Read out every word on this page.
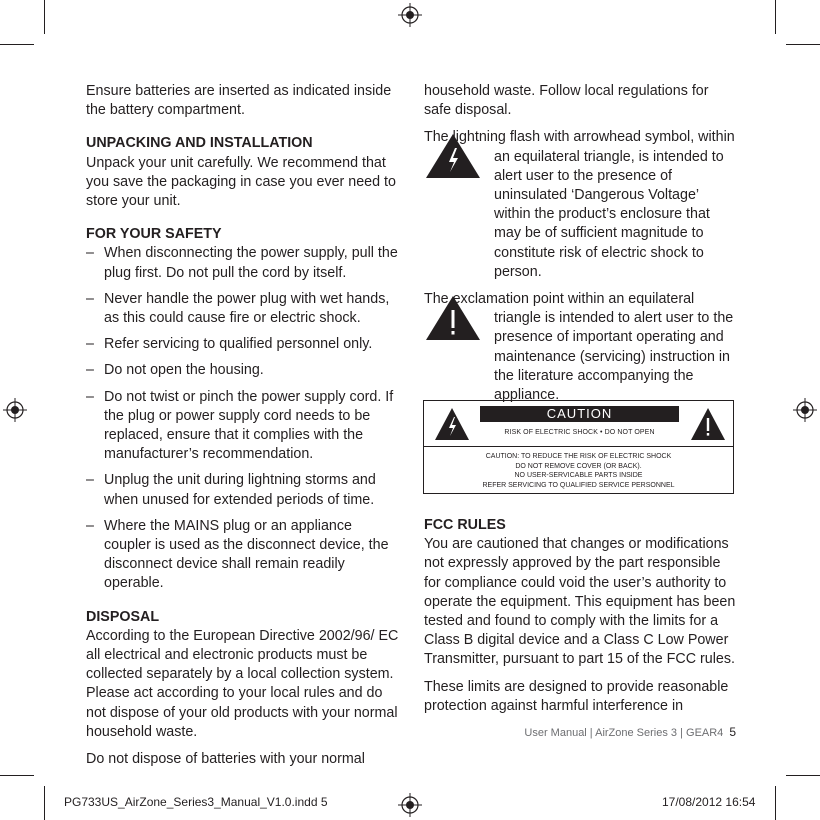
Ensure batteries are inserted as indicated inside the battery compartment.

UNPACKING AND INSTALLATION

Unpack your unit carefully. We recommend that you save the packaging in case you ever need to store your unit.

FOR YOUR SAFETY

– When disconnecting the power supply, pull the plug first. Do not pull the cord by itself.
– Never handle the power plug with wet hands, as this could cause fire or electric shock.
– Refer servicing to qualified personnel only.
– Do not open the housing.
– Do not twist or pinch the power supply cord. If the plug or power supply cord needs to be replaced, ensure that it complies with the manufacturer’s recommendation.
– Unplug the unit during lightning storms and when unused for extended periods of time.
– Where the MAINS plug or an appliance coupler is used as the disconnect device, the disconnect device shall remain readily operable.

DISPOSAL

According to the European Directive 2002/96/ EC all electrical and electronic products must be collected separately by a local collection system. Please act according to your local rules and do not dispose of your old products with your normal household waste.

Do not dispose of batteries with your normal

household waste. Follow local regulations for safe disposal.

The lightning flash with arrowhead symbol, within an equilateral triangle, is intended to alert user to the presence of uninsulated ‘Dangerous Voltage’ within the product’s enclosure that may be of sufficient magnitude to constitute risk of electric shock to person.

The exclamation point within an equilateral triangle is intended to alert user to the presence of important operating and maintenance (servicing) instruction in the literature accompanying the appliance.

CAUTION
RISK OF ELECTRIC SHOCK • DO NOT OPEN
CAUTION: TO REDUCE THE RISK OF ELECTRIC SHOCK
DO NOT REMOVE COVER (OR BACK).
NO USER-SERVICABLE PARTS INSIDE
REFER SERVICING TO QUALIFIED SERVICE PERSONNEL

FCC RULES

You are cautioned that changes or modifications not expressly approved by the part responsible for compliance could void the user’s authority to operate the equipment. This equipment has been tested and found to comply with the limits for a Class B digital device and a Class C Low Power Transmitter, pursuant to part 15 of the FCC rules.

These limits are designed to provide reasonable protection against harmful interference in

User Manual | AirZone Series 3 | GEAR4 5
PG733US_AirZone_Series3_Manual_V1.0.indd 5	17/08/2012 16:54
